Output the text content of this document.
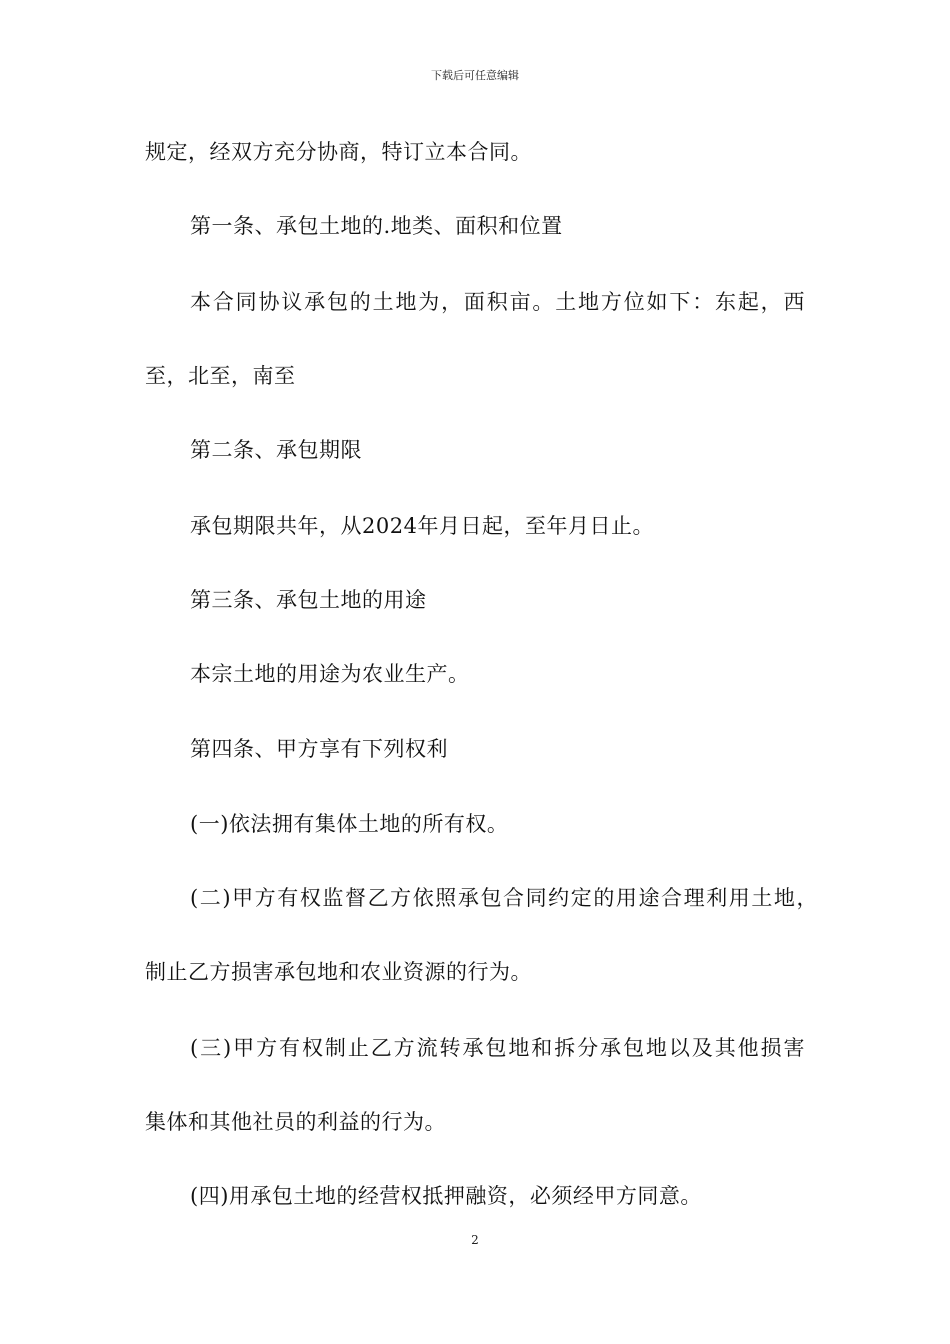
下载后可任意编辑
规定，经双方充分协商，特订立本合同。
第一条、承包土地的.地类、面积和位置
本合同协议承包的土地为，面积亩。土地方位如下：东起，西
至，北至，南至
第二条、承包期限
承包期限共年，从2024年月日起，至年月日止。
第三条、承包土地的用途
本宗土地的用途为农业生产。
第四条、甲方享有下列权利
(一)依法拥有集体土地的所有权。
(二)甲方有权监督乙方依照承包合同约定的用途合理利用土地，
制止乙方损害承包地和农业资源的行为。
(三)甲方有权制止乙方流转承包地和拆分承包地以及其他损害
集体和其他社员的利益的行为。
(四)用承包土地的经营权抵押融资，必须经甲方同意。
2
